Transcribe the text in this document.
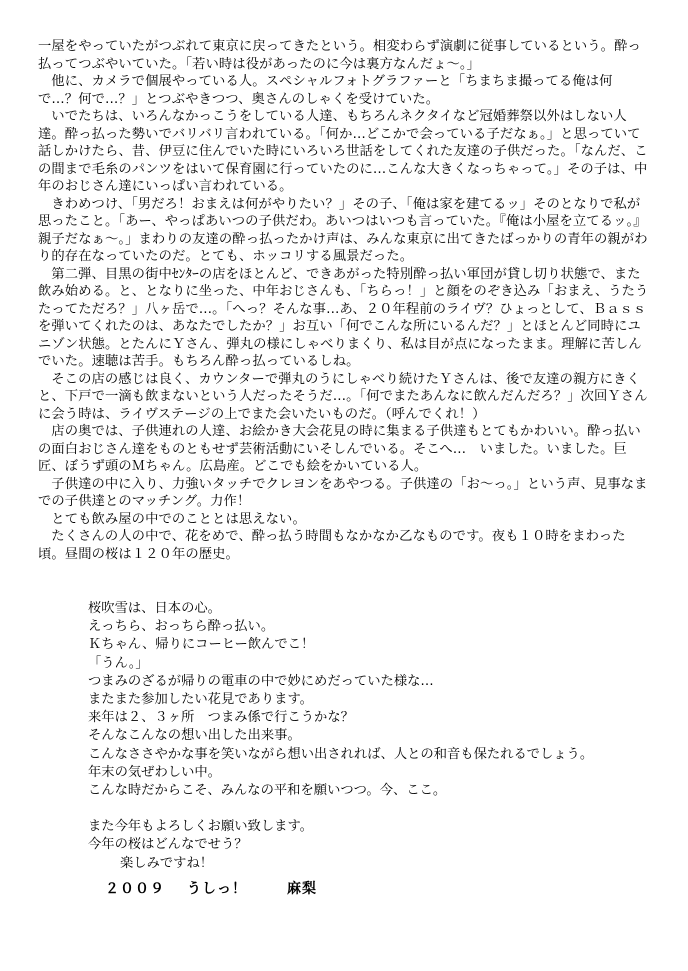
一屋をやっていたがつぶれて東京に戻ってきたという。相変わらず演劇に従事しているという。酔っ払ってつぶやいていた。「若い時は役があったのに今は裏方なんだょ〜。」

他に、カメラで個展やっている人。スペシャルフォトグラファーと「ちまちま撮ってる俺は何で…？何で…？」とつぶやきつつ、奥さんのしゃくを受けていた。

いでたちは、いろんなかっこうをしている人達、もちろんネクタイなど冠婚葬祭以外はしない人達。酔っ払った勢いでバリバリ言われている。「何か…どこかで会っている子だなぁ。」と思っていて話しかけたら、昔、伊豆に住んでいた時にいろいろ世話をしてくれた友達の子供だった。「なんだ、この間まで毛糸のパンツをはいて保育園に行っていたのに…こんな大きくなっちゃって。」その子は、中年のおじさん達にいっぱい言われている。

きわめつけ、「男だろ！おまえは何がやりたい？」その子、「俺は家を建てるッ」そのとなりで私が思ったこと。「あー、やっぱあいつの子供だわ。あいつはいつも言っていた。『俺は小屋を立てるッ。』親子だなぁ〜。」まわりの友達の酔っ払ったかけ声は、みんな東京に出てきたばっかりの青年の親がわり的存在なっていたのだ。とても、ホッコリする風景だった。

第二弾、目黒の街中ｾﾝﾀｰの店をほとんど、できあがった特別酔っ払い軍団が貸し切り状態で、また飲み始める。と、となりに坐った、中年おじさんも、「ちらっ！」と顔をのぞき込み「おまえ、うたうたってただろ？」八ヶ岳で…。「へっ？そんな事…あ、２０年程前のライヴ？ひょっとして、Ｂａｓｓを弾いてくれたのは、あなたでしたか？」お互い「何でこんな所にいるんだ？」とほとんど同時にユニゾン状態。とたんにＹさん、弾丸の様にしゃべりまくり、私は目が点になったまま。理解に苦しんでいた。速聴は苦手。もちろん酔っ払っているしね。

そこの店の感じは良く、カウンターで弾丸のうにしゃべり続けたＹさんは、後で友達の親方にきくと、下戸で一滴も飲まないという人だったそうだ…。「何でまたあんなに飲んだんだろ？」次回Ｙさんに会う時は、ライヴステージの上でまた会いたいものだ。（呼んでくれ！）

店の奥では、子供連れの人達、お絵かき大会花見の時に集まる子供達もとてもかわいい。酔っ払いの面白おじさん達をものともせず芸術活動にいそしんでいる。そこへ…　いました。いました。巨匠、ぼうず頭のＭちゃん。広島産。どこでも絵をかいている人。

子供達の中に入り、力強いタッチでクレヨンをあやつる。子供達の「お〜っ。」という声、見事なまでの子供達とのマッチング。力作！

とても飲み屋の中でのこととは思えない。

たくさんの人の中で、花をめで、酔っ払う時間もなかなか乙なものです。夜も１０時をまわった頃。昼間の桜は１２０年の歴史。

桜吹雪は、日本の心。
えっちら、おっちら酔っ払い。
Ｋちゃん、帰りにコーヒー飲んでこ！
「うん。」
つまみのざるが帰りの電車の中で妙にめだっていた様な…
またまた参加したい花見であります。
来年は２、３ヶ所　つまみ係で行こうかな？
そんなこんなの想い出した出来事。
こんなささやかな事を笑いながら想い出されれば、人との和音も保たれるでしょう。
年末の気ぜわしい中。
こんな時だからこそ、みんなの平和を願いつつ。今、ここ。
また今年もよろしくお願い致します。
今年の桜はどんなでせう？
楽しみですね！
２００９ うしっ！	麻梨
